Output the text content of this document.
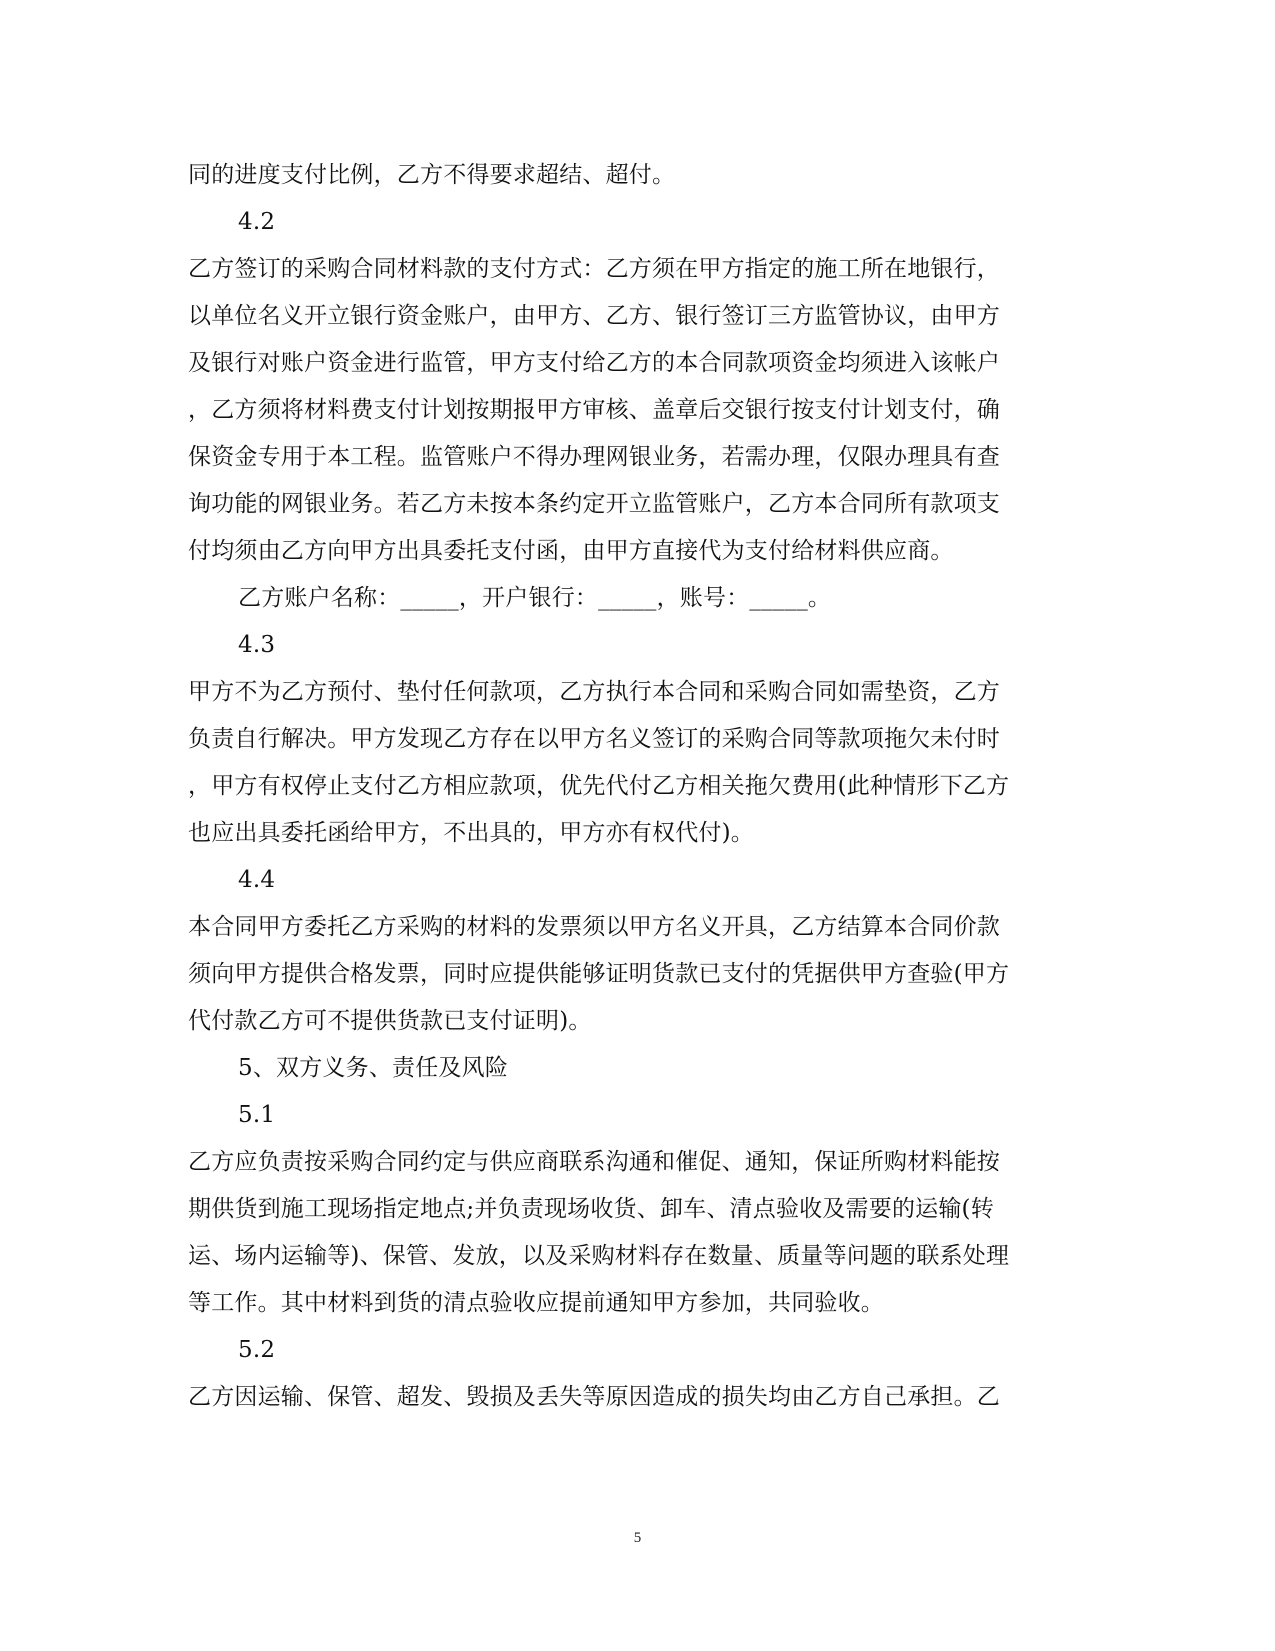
同的进度支付比例，乙方不得要求超结、超付。
4.2
乙方签订的采购合同材料款的支付方式：乙方须在甲方指定的施工所在地银行，
以单位名义开立银行资金账户，由甲方、乙方、银行签订三方监管协议，由甲方
及银行对账户资金进行监管，甲方支付给乙方的本合同款项资金均须进入该帐户
，乙方须将材料费支付计划按期报甲方审核、盖章后交银行按支付计划支付，确
保资金专用于本工程。监管账户不得办理网银业务，若需办理，仅限办理具有查
询功能的网银业务。若乙方未按本条约定开立监管账户，乙方本合同所有款项支
付均须由乙方向甲方出具委托支付函，由甲方直接代为支付给材料供应商。
乙方账户名称：_____，开户银行：_____，账号：_____。
4.3
甲方不为乙方预付、垫付任何款项，乙方执行本合同和采购合同如需垫资，乙方
负责自行解决。甲方发现乙方存在以甲方名义签订的采购合同等款项拖欠未付时
，甲方有权停止支付乙方相应款项，优先代付乙方相关拖欠费用(此种情形下乙方
也应出具委托函给甲方，不出具的，甲方亦有权代付)。
4.4
本合同甲方委托乙方采购的材料的发票须以甲方名义开具，乙方结算本合同价款
须向甲方提供合格发票，同时应提供能够证明货款已支付的凭据供甲方查验(甲方
代付款乙方可不提供货款已支付证明)。
5、双方义务、责任及风险
5.1
乙方应负责按采购合同约定与供应商联系沟通和催促、通知，保证所购材料能按
期供货到施工现场指定地点;并负责现场收货、卸车、清点验收及需要的运输(转
运、场内运输等)、保管、发放，以及采购材料存在数量、质量等问题的联系处理
等工作。其中材料到货的清点验收应提前通知甲方参加，共同验收。
5.2
乙方因运输、保管、超发、毁损及丢失等原因造成的损失均由乙方自己承担。乙
5
